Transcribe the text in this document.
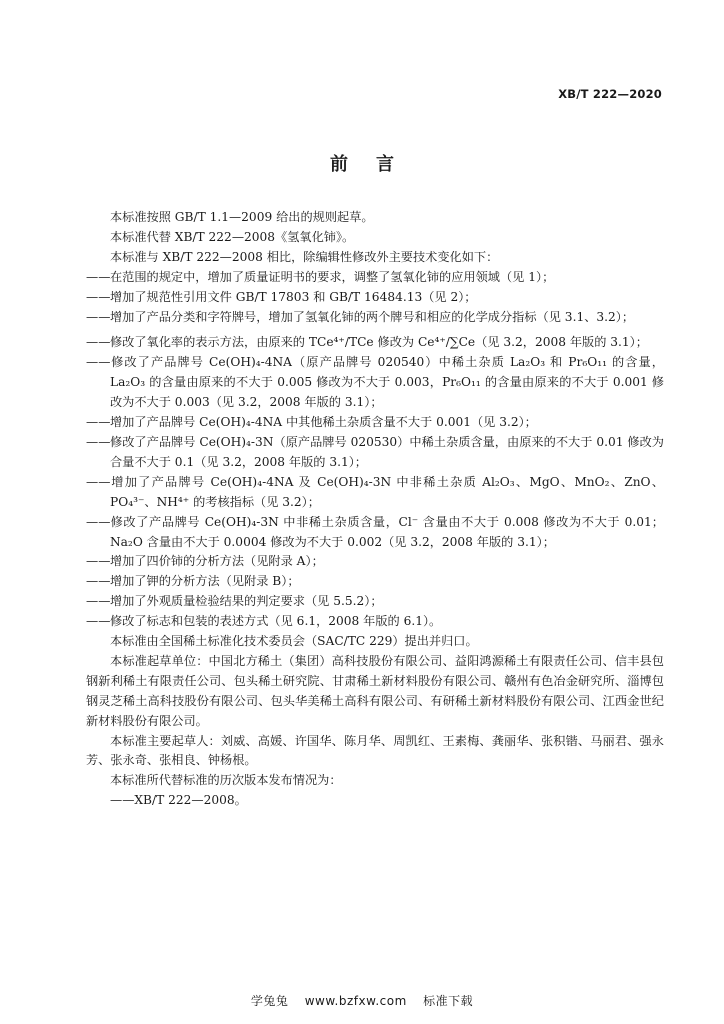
XB/T 222—2020
前言

本标准按照 GB/T 1.1—2009 给出的规则起草。

本标准代替 XB/T 222—2008《氢氧化铈》。

本标准与 XB/T 222—2008 相比，除编辑性修改外主要技术变化如下：

——在范围的规定中，增加了质量证明书的要求，调整了氢氧化铈的应用领域（见 1）；

——增加了规范性引用文件 GB/T 17803 和 GB/T 16484.13（见 2）；

——增加了产品分类和字符牌号，增加了氢氧化铈的两个牌号和相应的化学成分指标（见 3.1、3.2）；

——修改了氧化率的表示方法，由原来的 TCe⁴⁺/TCe 修改为 Ce⁴⁺/∑Ce（见 3.2，2008 年版的 3.1）；

——修改了产品牌号 Ce(OH)₄-4NA（原产品牌号 020540）中稀土杂质 La₂O₃ 和 Pr₆O₁₁ 的含量，La₂O₃ 的含量由原来的不大于 0.005 修改为不大于 0.003，Pr₆O₁₁ 的含量由原来的不大于 0.001 修改为不大于 0.003（见 3.2，2008 年版的 3.1）；

——增加了产品牌号 Ce(OH)₄-4NA 中其他稀土杂质含量不大于 0.001（见 3.2）；

——修改了产品牌号 Ce(OH)₄-3N（原产品牌号 020530）中稀土杂质含量，由原来的不大于 0.01 修改为合量不大于 0.1（见 3.2，2008 年版的 3.1）；

——增加了产品牌号 Ce(OH)₄-4NA 及 Ce(OH)₄-3N 中非稀土杂质 Al₂O₃、MgO、MnO₂、ZnO、PO₄³⁻、NH⁴⁺ 的考核指标（见 3.2）；

——修改了产品牌号 Ce(OH)₄-3N 中非稀土杂质含量，Cl⁻ 含量由不大于 0.008 修改为不大于 0.01；Na₂O 含量由不大于 0.0004 修改为不大于 0.002（见 3.2，2008 年版的 3.1）；

——增加了四价铈的分析方法（见附录 A）；

——增加了钾的分析方法（见附录 B）；

——增加了外观质量检验结果的判定要求（见 5.5.2）；

——修改了标志和包装的表述方式（见 6.1，2008 年版的 6.1）。

本标准由全国稀土标准化技术委员会（SAC/TC 229）提出并归口。

本标准起草单位：中国北方稀土（集团）高科技股份有限公司、益阳鸿源稀土有限责任公司、信丰县包钢新利稀土有限责任公司、包头稀土研究院、甘肃稀土新材料股份有限公司、赣州有色冶金研究所、淄博包钢灵芝稀土高科技股份有限公司、包头华美稀土高科有限公司、有研稀土新材料股份有限公司、江西金世纪新材料股份有限公司。

本标准主要起草人：刘威、高媛、许国华、陈月华、周凯红、王素梅、龚丽华、张积锴、马丽君、强永芳、张永奇、张相良、钟杨根。

本标准所代替标准的历次版本发布情况为：

——XB/T 222—2008。

学兔兔 www.bzfxw.com 标准下载
